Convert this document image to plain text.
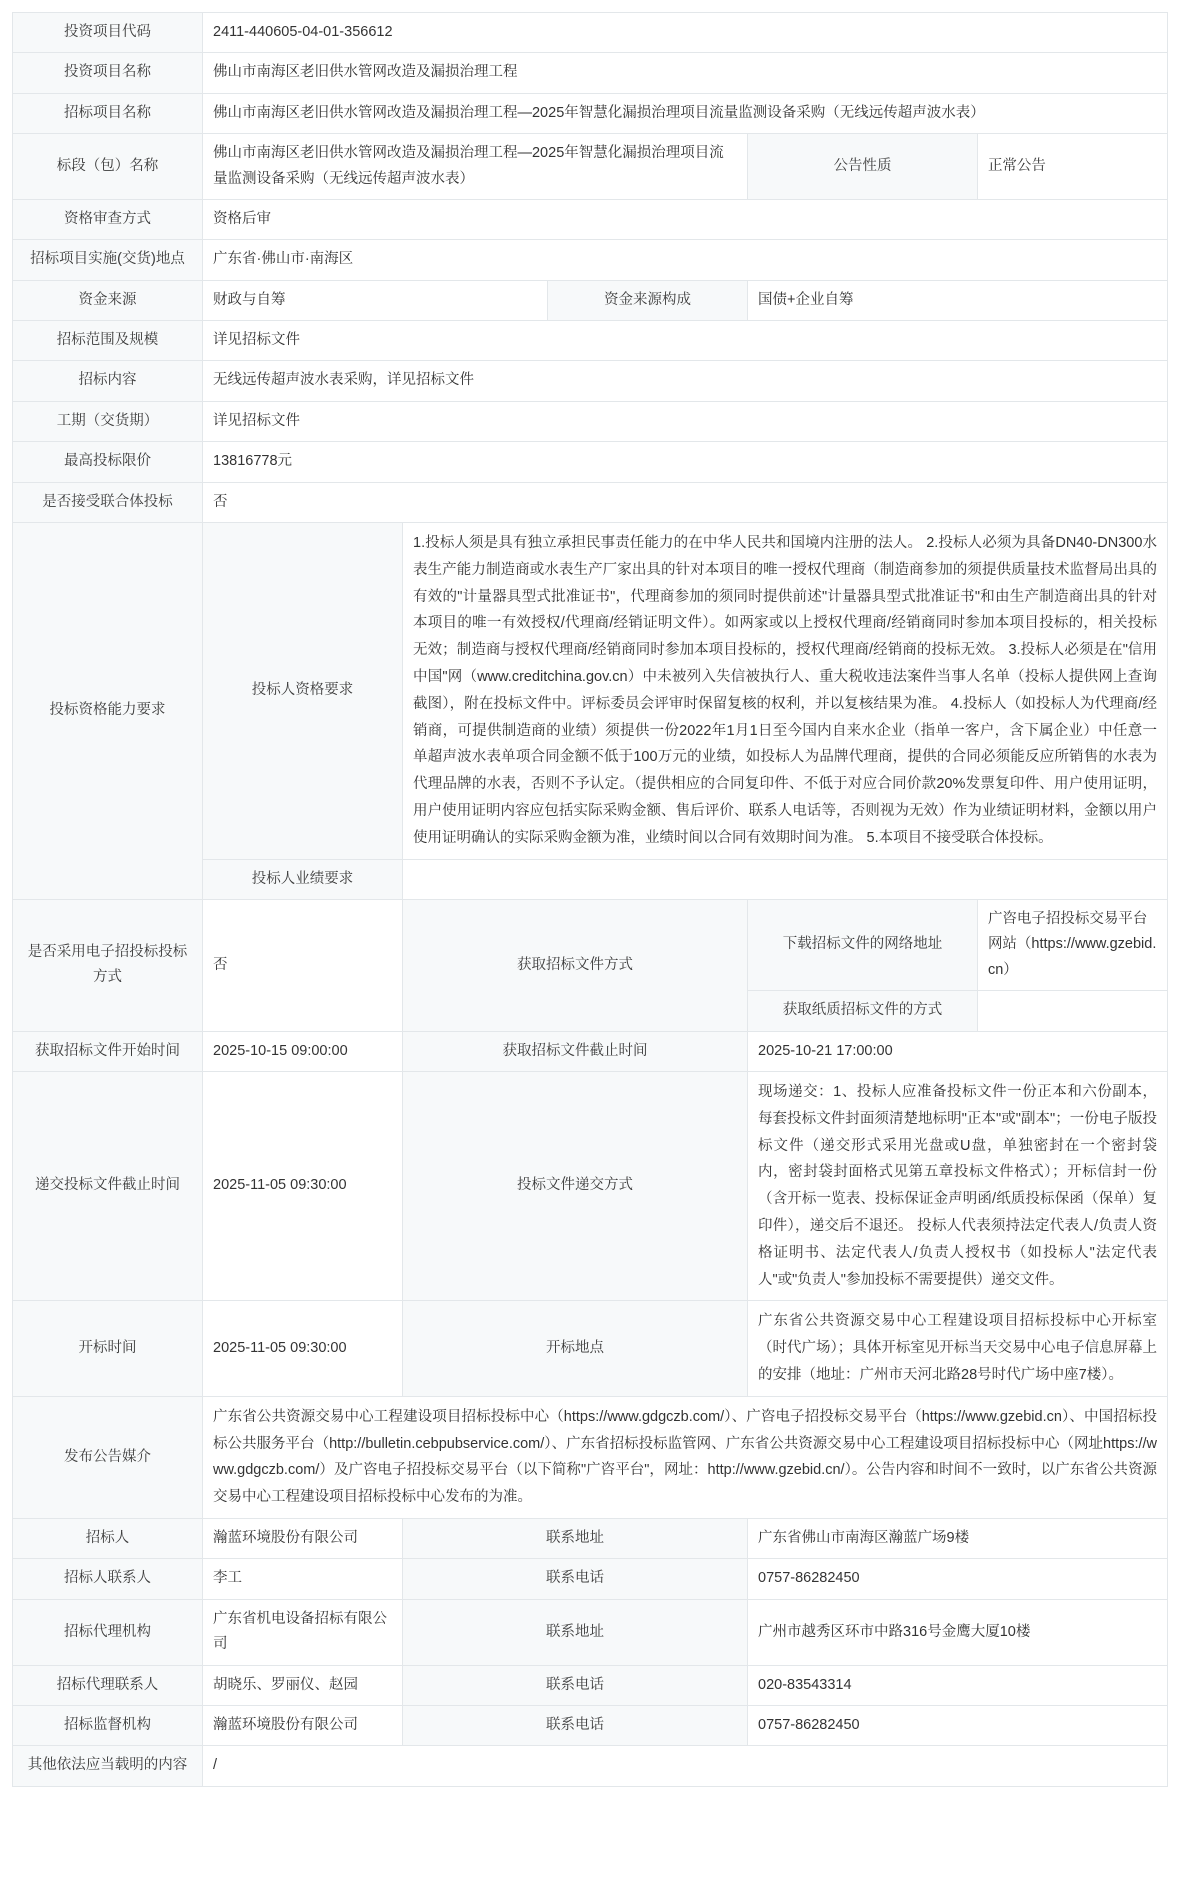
投资项目代码	2411-440605-04-01-356612				
投资项目名称	佛山市南海区老旧供水管网改造及漏损治理工程				
招标项目名称	佛山市南海区老旧供水管网改造及漏损治理工程—2025年智慧化漏损治理项目流量监测设备采购（无线远传超声波水表）				
标段（包）名称	佛山市南海区老旧供水管网改造及漏损治理工程—2025年智慧化漏损治理项目流量监测设备采购（无线远传超声波水表）			公告性质	正常公告
资格审查方式	资格后审				
招标项目实施(交货)地点	广东省·佛山市·南海区				
资金来源	财政与自筹		资金来源构成	国债+企业自筹	
招标范围及规模	详见招标文件				
招标内容	无线远传超声波水表采购，详见招标文件				
工期（交货期）	详见招标文件				
最高投标限价	13816778元				
是否接受联合体投标	否				
投标资格能力要求	投标人资格要求	1.投标人须是具有独立承担民事责任能力的在中华人民共和国境内注册的法人。 2.投标人必须为具备DN40-DN300水表生产能力制造商或水表生产厂家出具的针对本项目的唯一授权代理商（制造商参加的须提供质量技术监督局出具的有效的"计量器具型式批准证书"，代理商参加的须同时提供前述"计量器具型式批准证书"和由生产制造商出具的针对本项目的唯一有效授权/代理商/经销证明文件）。如两家或以上授权代理商/经销商同时参加本项目投标的，相关投标无效；制造商与授权代理商/经销商同时参加本项目投标的，授权代理商/经销商的投标无效。 3.投标人必须是在"信用中国"网（www.creditchina.gov.cn）中未被列入失信被执行人、重大税收违法案件当事人名单（投标人提供网上查询截图），附在投标文件中。评标委员会评审时保留复核的权利，并以复核结果为准。 4.投标人（如投标人为代理商/经销商，可提供制造商的业绩）须提供一份2022年1月1日至今国内自来水企业（指单一客户，含下属企业）中任意一单超声波水表单项合同金额不低于100万元的业绩，如投标人为品牌代理商，提供的合同必须能反应所销售的水表为代理品牌的水表，否则不予认定。（提供相应的合同复印件、不低于对应合同价款20%发票复印件、用户使用证明，用户使用证明内容应包括实际采购金额、售后评价、联系人电话等，否则视为无效）作为业绩证明材料，金额以用户使用证明确认的实际采购金额为准，业绩时间以合同有效期时间为准。 5.本项目不接受联合体投标。			

	投标人业绩要求				
是否采用电子招投标投标方式	否	获取招标文件方式		下载招标文件的网络地址	广咨电子招投标交易平台网站（https://www.gzebid.cn）
				获取纸质招标文件的方式	
获取招标文件开始时间	2025-10-15 09:00:00	获取招标文件截止时间		2025-10-21 17:00:00	
递交投标文件截止时间	2025-11-05 09:30:00	投标文件递交方式		现场递交：1、投标人应准备投标文件一份正本和六份副本，每套投标文件封面须清楚地标明"正本"或"副本"；一份电子版投标文件（递交形式采用光盘或U盘，单独密封在一个密封袋内，密封袋封面格式见第五章投标文件格式）；开标信封一份（含开标一览表、投标保证金声明函/纸质投标保函（保单）复印件），递交后不退还。 投标人代表须持法定代表人/负责人资格证明书、法定代表人/负责人授权书（如投标人"法定代表人"或"负责人"参加投标不需要提供）递交文件。	

开标时间	2025-11-05 09:30:00	开标地点		广东省公共资源交易中心工程建设项目招标投标中心开标室（时代广场）；具体开标室见开标当天交易中心电子信息屏幕上的安排（地址：广州市天河北路28号时代广场中座7楼）。	

发布公告媒介	广东省公共资源交易中心工程建设项目招标投标中心（https://www.gdgczb.com/）、广咨电子招投标交易平台（https://www.gzebid.cn）、中国招标投标公共服务平台（http://bulletin.cebpubservice.com/）、广东省招标投标监管网、广东省公共资源交易中心工程建设项目招标投标中心（网址https://www.gdgczb.com/）及广咨电子招投标交易平台（以下简称"广咨平台"，网址：http://www.gzebid.cn/）。公告内容和时间不一致时，以广东省公共资源交易中心工程建设项目招标投标中心发布的为准。				

招标人	瀚蓝环境股份有限公司	联系地址		广东省佛山市南海区瀚蓝广场9楼	
招标人联系人	李工	联系电话		0757-86282450	
招标代理机构	广东省机电设备招标有限公司	联系地址		广州市越秀区环市中路316号金鹰大厦10楼	
招标代理联系人	胡晓乐、罗丽仪、赵园	联系电话		020-83543314	
招标监督机构	瀚蓝环境股份有限公司	联系电话		0757-86282450	
其他依法应当载明的内容	/				
